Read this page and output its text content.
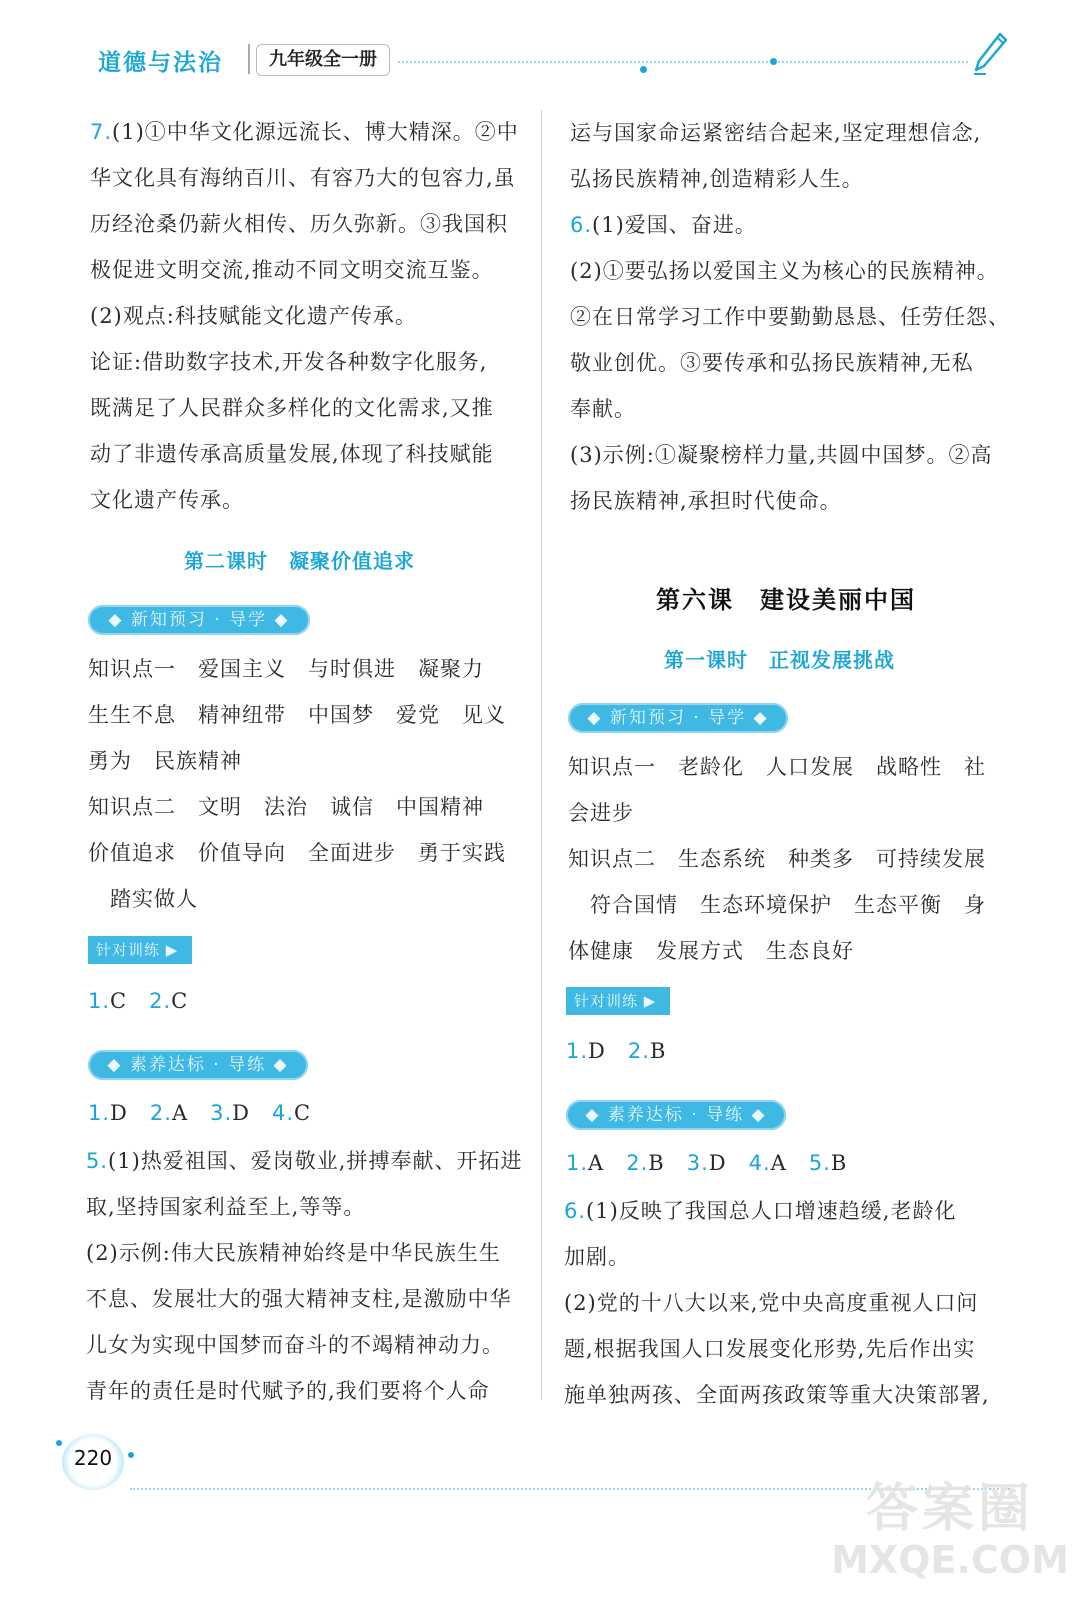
道德与法治	九年级全一册
7.(1)①中华文化源远流长、博大精深。②中
华文化具有海纳百川、有容乃大的包容力,虽
历经沧桑仍薪火相传、历久弥新。③我国积
极促进文明交流,推动不同文明交流互鉴。
(2)观点:科技赋能文化遗产传承。
论证:借助数字技术,开发各种数字化服务,
既满足了人民群众多样化的文化需求,又推
动了非遗传承高质量发展,体现了科技赋能
文化遗产传承。
第二课时　凝聚价值追求
◆ 新知预习 · 导学 ◆
知识点一　爱国主义　与时俱进　凝聚力
生生不息　精神纽带　中国梦　爱党　见义
勇为　民族精神
知识点二　文明　法治　诚信　中国精神
价值追求　价值导向　全面进步　勇于实践
　踏实做人
针对训练 ▶
1.C　 2.C
◆ 素养达标 · 导练 ◆
1.D　 2.A　 3.D　 4.C
5.(1)热爱祖国、爱岗敬业,拼搏奉献、开拓进
取,坚持国家利益至上,等等。
(2)示例:伟大民族精神始终是中华民族生生
不息、发展壮大的强大精神支柱,是激励中华
儿女为实现中国梦而奋斗的不竭精神动力。
青年的责任是时代赋予的,我们要将个人命
运与国家命运紧密结合起来,坚定理想信念,
弘扬民族精神,创造精彩人生。
6.(1)爱国、奋进。
(2)①要弘扬以爱国主义为核心的民族精神。
②在日常学习工作中要勤勤恳恳、任劳任怨、
敬业创优。③要传承和弘扬民族精神,无私
奉献。
(3)示例:①凝聚榜样力量,共圆中国梦。②高
扬民族精神,承担时代使命。
第六课　建设美丽中国
第一课时　正视发展挑战
◆ 新知预习 · 导学 ◆
知识点一　老龄化　人口发展　战略性　社
会进步
知识点二　生态系统　种类多　可持续发展
　符合国情　生态环境保护　生态平衡　身
体健康　发展方式　生态良好
针对训练 ▶
1.D　 2.B
◆ 素养达标 · 导练 ◆
1.A　 2.B　 3.D　 4.A　 5.B
6.(1)反映了我国总人口增速趋缓,老龄化
加剧。
(2)党的十八大以来,党中央高度重视人口问
题,根据我国人口发展变化形势,先后作出实
施单独两孩、全面两孩政策等重大决策部署,
220
答案圈
MXQE.COM
